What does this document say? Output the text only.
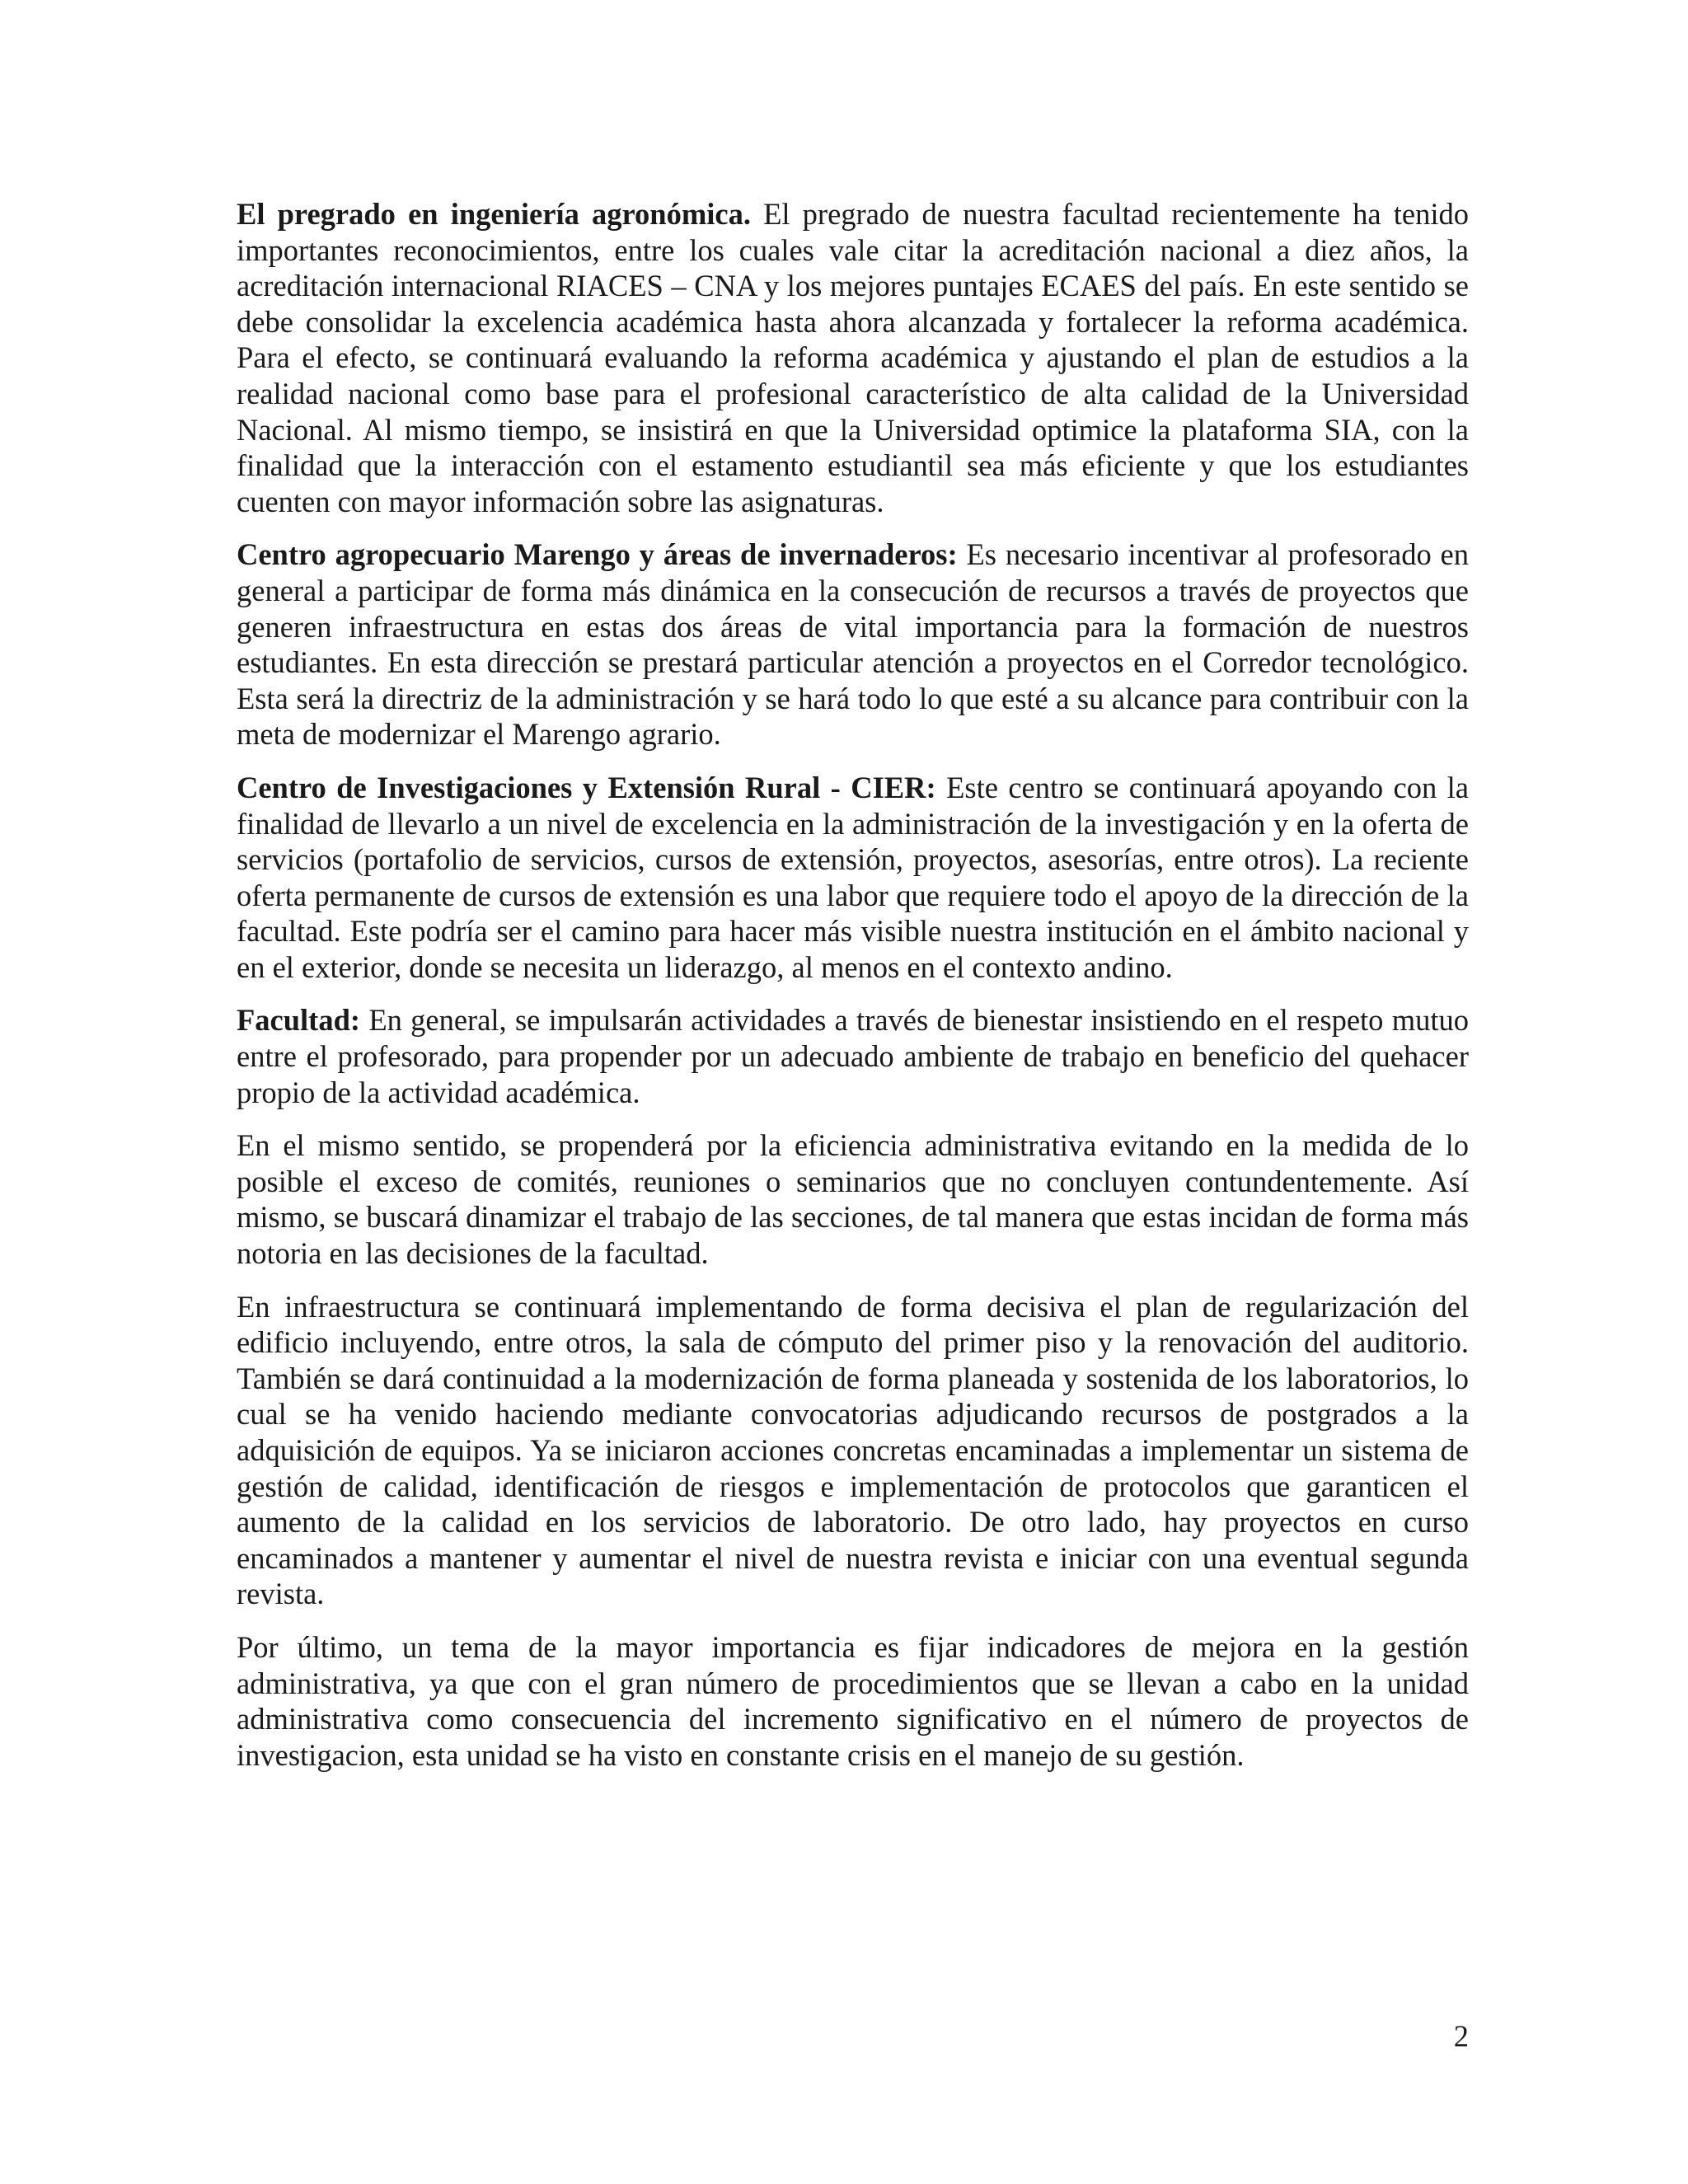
El pregrado en ingeniería agronómica. El pregrado de nuestra facultad recientemente ha tenido importantes reconocimientos, entre los cuales vale citar la acreditación nacional a diez años, la acreditación internacional RIACES – CNA y los mejores puntajes ECAES del país. En este sentido se debe consolidar la excelencia académica hasta ahora alcanzada y fortalecer la reforma académica. Para el efecto, se continuará evaluando la reforma académica y ajustando el plan de estudios a la realidad nacional como base para el profesional característico de alta calidad de la Universidad Nacional. Al mismo tiempo, se insistirá en que la Universidad optimice la plataforma SIA, con la finalidad que la interacción con el estamento estudiantil sea más eficiente y que los estudiantes cuenten con mayor información sobre las asignaturas.

Centro agropecuario Marengo y áreas de invernaderos: Es necesario incentivar al profesorado en general a participar de forma más dinámica en la consecución de recursos a través de proyectos que generen infraestructura en estas dos áreas de vital importancia para la formación de nuestros estudiantes. En esta dirección se prestará particular atención a proyectos en el Corredor tecnológico. Esta será la directriz de la administración y se hará todo lo que esté a su alcance para contribuir con la meta de modernizar el Marengo agrario.

Centro de Investigaciones y Extensión Rural - CIER: Este centro se continuará apoyando con la finalidad de llevarlo a un nivel de excelencia en la administración de la investigación y en la oferta de servicios (portafolio de servicios, cursos de extensión, proyectos, asesorías, entre otros). La reciente oferta permanente de cursos de extensión es una labor que requiere todo el apoyo de la dirección de la facultad. Este podría ser el camino para hacer más visible nuestra institución en el ámbito nacional y en el exterior, donde se necesita un liderazgo, al menos en el contexto andino.

Facultad: En general, se impulsarán actividades a través de bienestar insistiendo en el respeto mutuo entre el profesorado, para propender por un adecuado ambiente de trabajo en beneficio del quehacer propio de la actividad académica.

En el mismo sentido, se propenderá por la eficiencia administrativa evitando en la medida de lo posible el exceso de comités, reuniones o seminarios que no concluyen contundentemente. Así mismo, se buscará dinamizar el trabajo de las secciones, de tal manera que estas incidan de forma más notoria en las decisiones de la facultad.

En infraestructura se continuará implementando de forma decisiva el plan de regularización del edificio incluyendo, entre otros, la sala de cómputo del primer piso y la renovación del auditorio. También se dará continuidad a la modernización de forma planeada y sostenida de los laboratorios, lo cual se ha venido haciendo mediante convocatorias adjudicando recursos de postgrados a la adquisición de equipos. Ya se iniciaron acciones concretas encaminadas a implementar un sistema de gestión de calidad, identificación de riesgos e implementación de protocolos que garanticen el aumento de la calidad en los servicios de laboratorio. De otro lado, hay proyectos en curso encaminados a mantener y aumentar el nivel de nuestra revista e iniciar con una eventual segunda revista.

Por último, un tema de la mayor importancia es fijar indicadores de mejora en la gestión administrativa, ya que con el gran número de procedimientos que se llevan a cabo en la unidad administrativa como consecuencia del incremento significativo en el número de proyectos de investigacion, esta unidad se ha visto en constante crisis en el manejo de su gestión.

2
